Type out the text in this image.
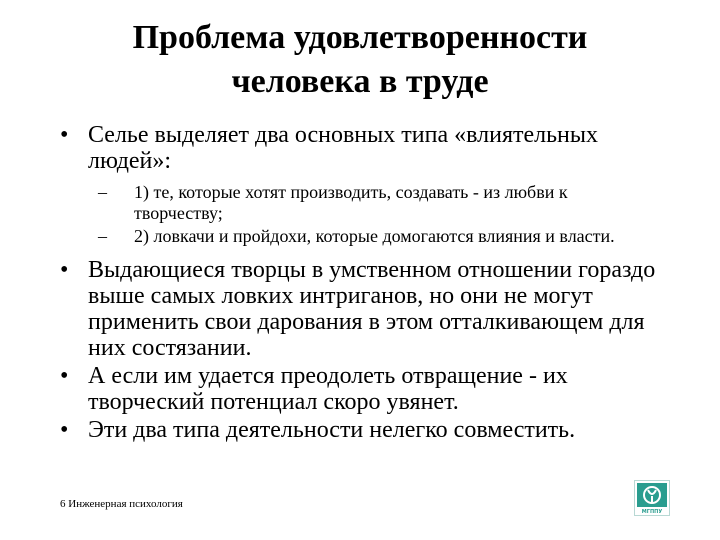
Проблема удовлетворенности
человека в труде
• Селье выделяет два основных типа «влиятельных людей»:
– 1) те, которые хотят производить, создавать - из любви к творчеству;
– 2) ловкачи и пройдохи, которые домогаются влияния и власти.
• Выдающиеся творцы в умственном отношении гораздо выше самых ловких интриганов, но они не могут применить свои дарования в этом отталкивающем для них состязании.
• А если им удается преодолеть отвращение - их творческий потенциал скоро увянет.
• Эти два типа деятельности нелегко совместить.
6 Инженерная психология
МГППУ
